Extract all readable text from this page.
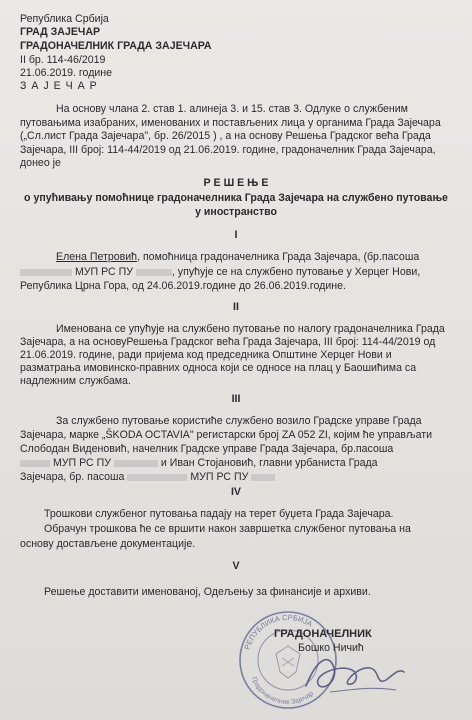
Република Србија
ГРАД ЗАЈЕЧАР
ГРАДОНАЧЕЛНИК ГРАДА ЗАЈЕЧАРА
II бр. 114-46/2019
21.06.2019. године
З А Ј Е Ч А Р
На основу члана 2. став 1. алинеја 3. и 15. став 3. Одлуке о службеним
путовањима изабраних, именованих и постављених лица у органима Града Зајечара
(„Сл.лист Града Зајечара", бр. 26/2015 ) , а на основу Решења Градског већа Града
Зајечара, III број: 114-44/2019 од 21.06.2019. године, градоначелник Града Зајечара,
донео је
Р Е Ш Е Њ Е
о упућивању помоћнице градоначелника Града Зајечара на службено путовање
у иностранство
I
Елена Петровић, помоћница градоначелника Града Зајечара, (бр.пасоша
МУП РС ПУ	, упућује се на службено путовање у Херцег Нови,
Република Црна Гора, од 24.06.2019.године до 26.06.2019.године.
II
Именована се упућује на службено путовање по налогу градоначелника Града
Зајечара, а на основуРешења Градског већа Града Зајечара, III број: 114-44/2019 од
21.06.2019. године, ради пријема код председника Општине Херцег Нови и
разматрања имовинско-правних односа који се односе на плац у Баошићима са
надлежним службама.
III
За службено путовање користиће службено возило Градске управе Града
Зајечара, марке „ŠKODA OCTAVIA" регистарски број ZA 052 ZI, којим ће управљати
Слободан Видeновић, начелник Градске управе Града Зајечара, бр.пасоша
МУП РС ПУ	и Иван Стојановић, главни урбаниста Града
Зајечара, бр. пасоша	МУП РС ПУ
IV
Трошкови службеног путовања падају на терет буџета Града Зајечара.
Обрачун трошкова ће се вршити након завршетка службеног путовања на
основу достављене документације.
V
Решење доставити именованој, Одељењу за финансије и архиви.
РЕПУБЛИКА СРБИЈА
Градоначелник Зајечар
ГРАДОНАЧЕЛНИК
Бошко Ничић
